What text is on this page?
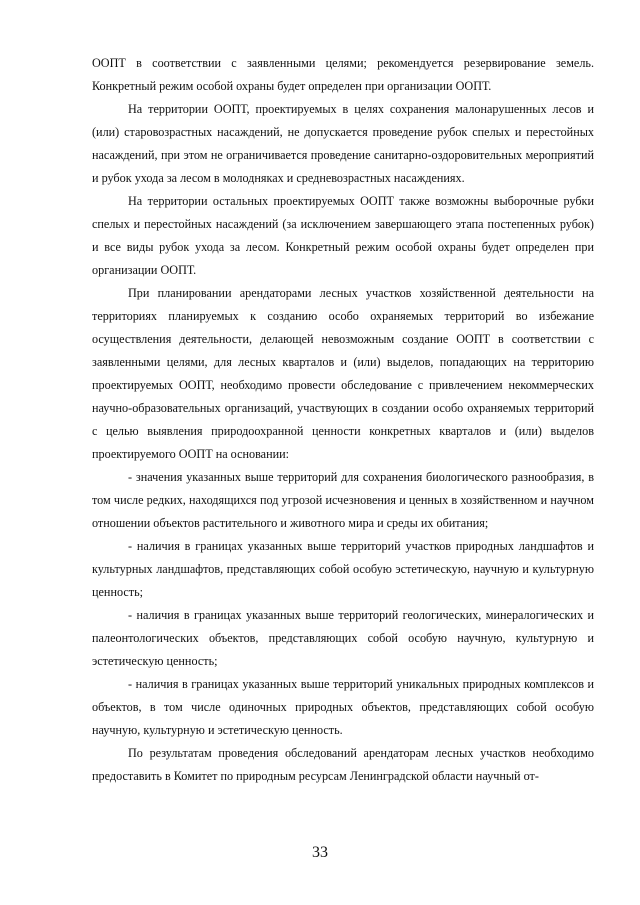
ООПТ в соответствии с заявленными целями; рекомендуется резервирование земель. Конкретный режим особой охраны будет определен при организации ООПТ.

На территории ООПТ, проектируемых в целях сохранения малонарушенных лесов и (или) старовозрастных насаждений, не допускается проведение рубок спелых и перестойных насаждений, при этом не ограничивается проведение санитарно-оздоровительных мероприятий и рубок ухода за лесом в молодняках и средневозрастных насаждениях.

На территории остальных проектируемых ООПТ также возможны выборочные рубки спелых и перестойных насаждений (за исключением завершающего этапа постепенных рубок) и все виды рубок ухода за лесом. Конкретный режим особой охраны будет определен при организации ООПТ.

При планировании арендаторами лесных участков хозяйственной деятельности на территориях планируемых к созданию особо охраняемых территорий во избежание осуществления деятельности, делающей невозможным создание ООПТ в соответствии с заявленными целями, для лесных кварталов и (или) выделов, попадающих на территорию проектируемых ООПТ, необходимо провести обследование с привлечением некоммерческих научно-образовательных организаций, участвующих в создании особо охраняемых территорий с целью выявления природоохранной ценности конкретных кварталов и (или) выделов проектируемого ООПТ на основании:

- значения указанных выше территорий для сохранения биологического разнообразия, в том числе редких, находящихся под угрозой исчезновения и ценных в хозяйственном и научном отношении объектов растительного и животного мира и среды их обитания;

- наличия в границах указанных выше территорий участков природных ландшафтов и культурных ландшафтов, представляющих собой особую эстетическую, научную и культурную ценность;

- наличия в границах указанных выше территорий геологических, минералогических и палеонтологических объектов, представляющих собой особую научную, культурную и эстетическую ценность;

- наличия в границах указанных выше территорий уникальных природных комплексов и объектов, в том числе одиночных природных объектов, представляющих собой особую научную, культурную и эстетическую ценность.

По результатам проведения обследований арендаторам лесных участков необходимо предоставить в Комитет по природным ресурсам Ленинградской области научный от-

33
